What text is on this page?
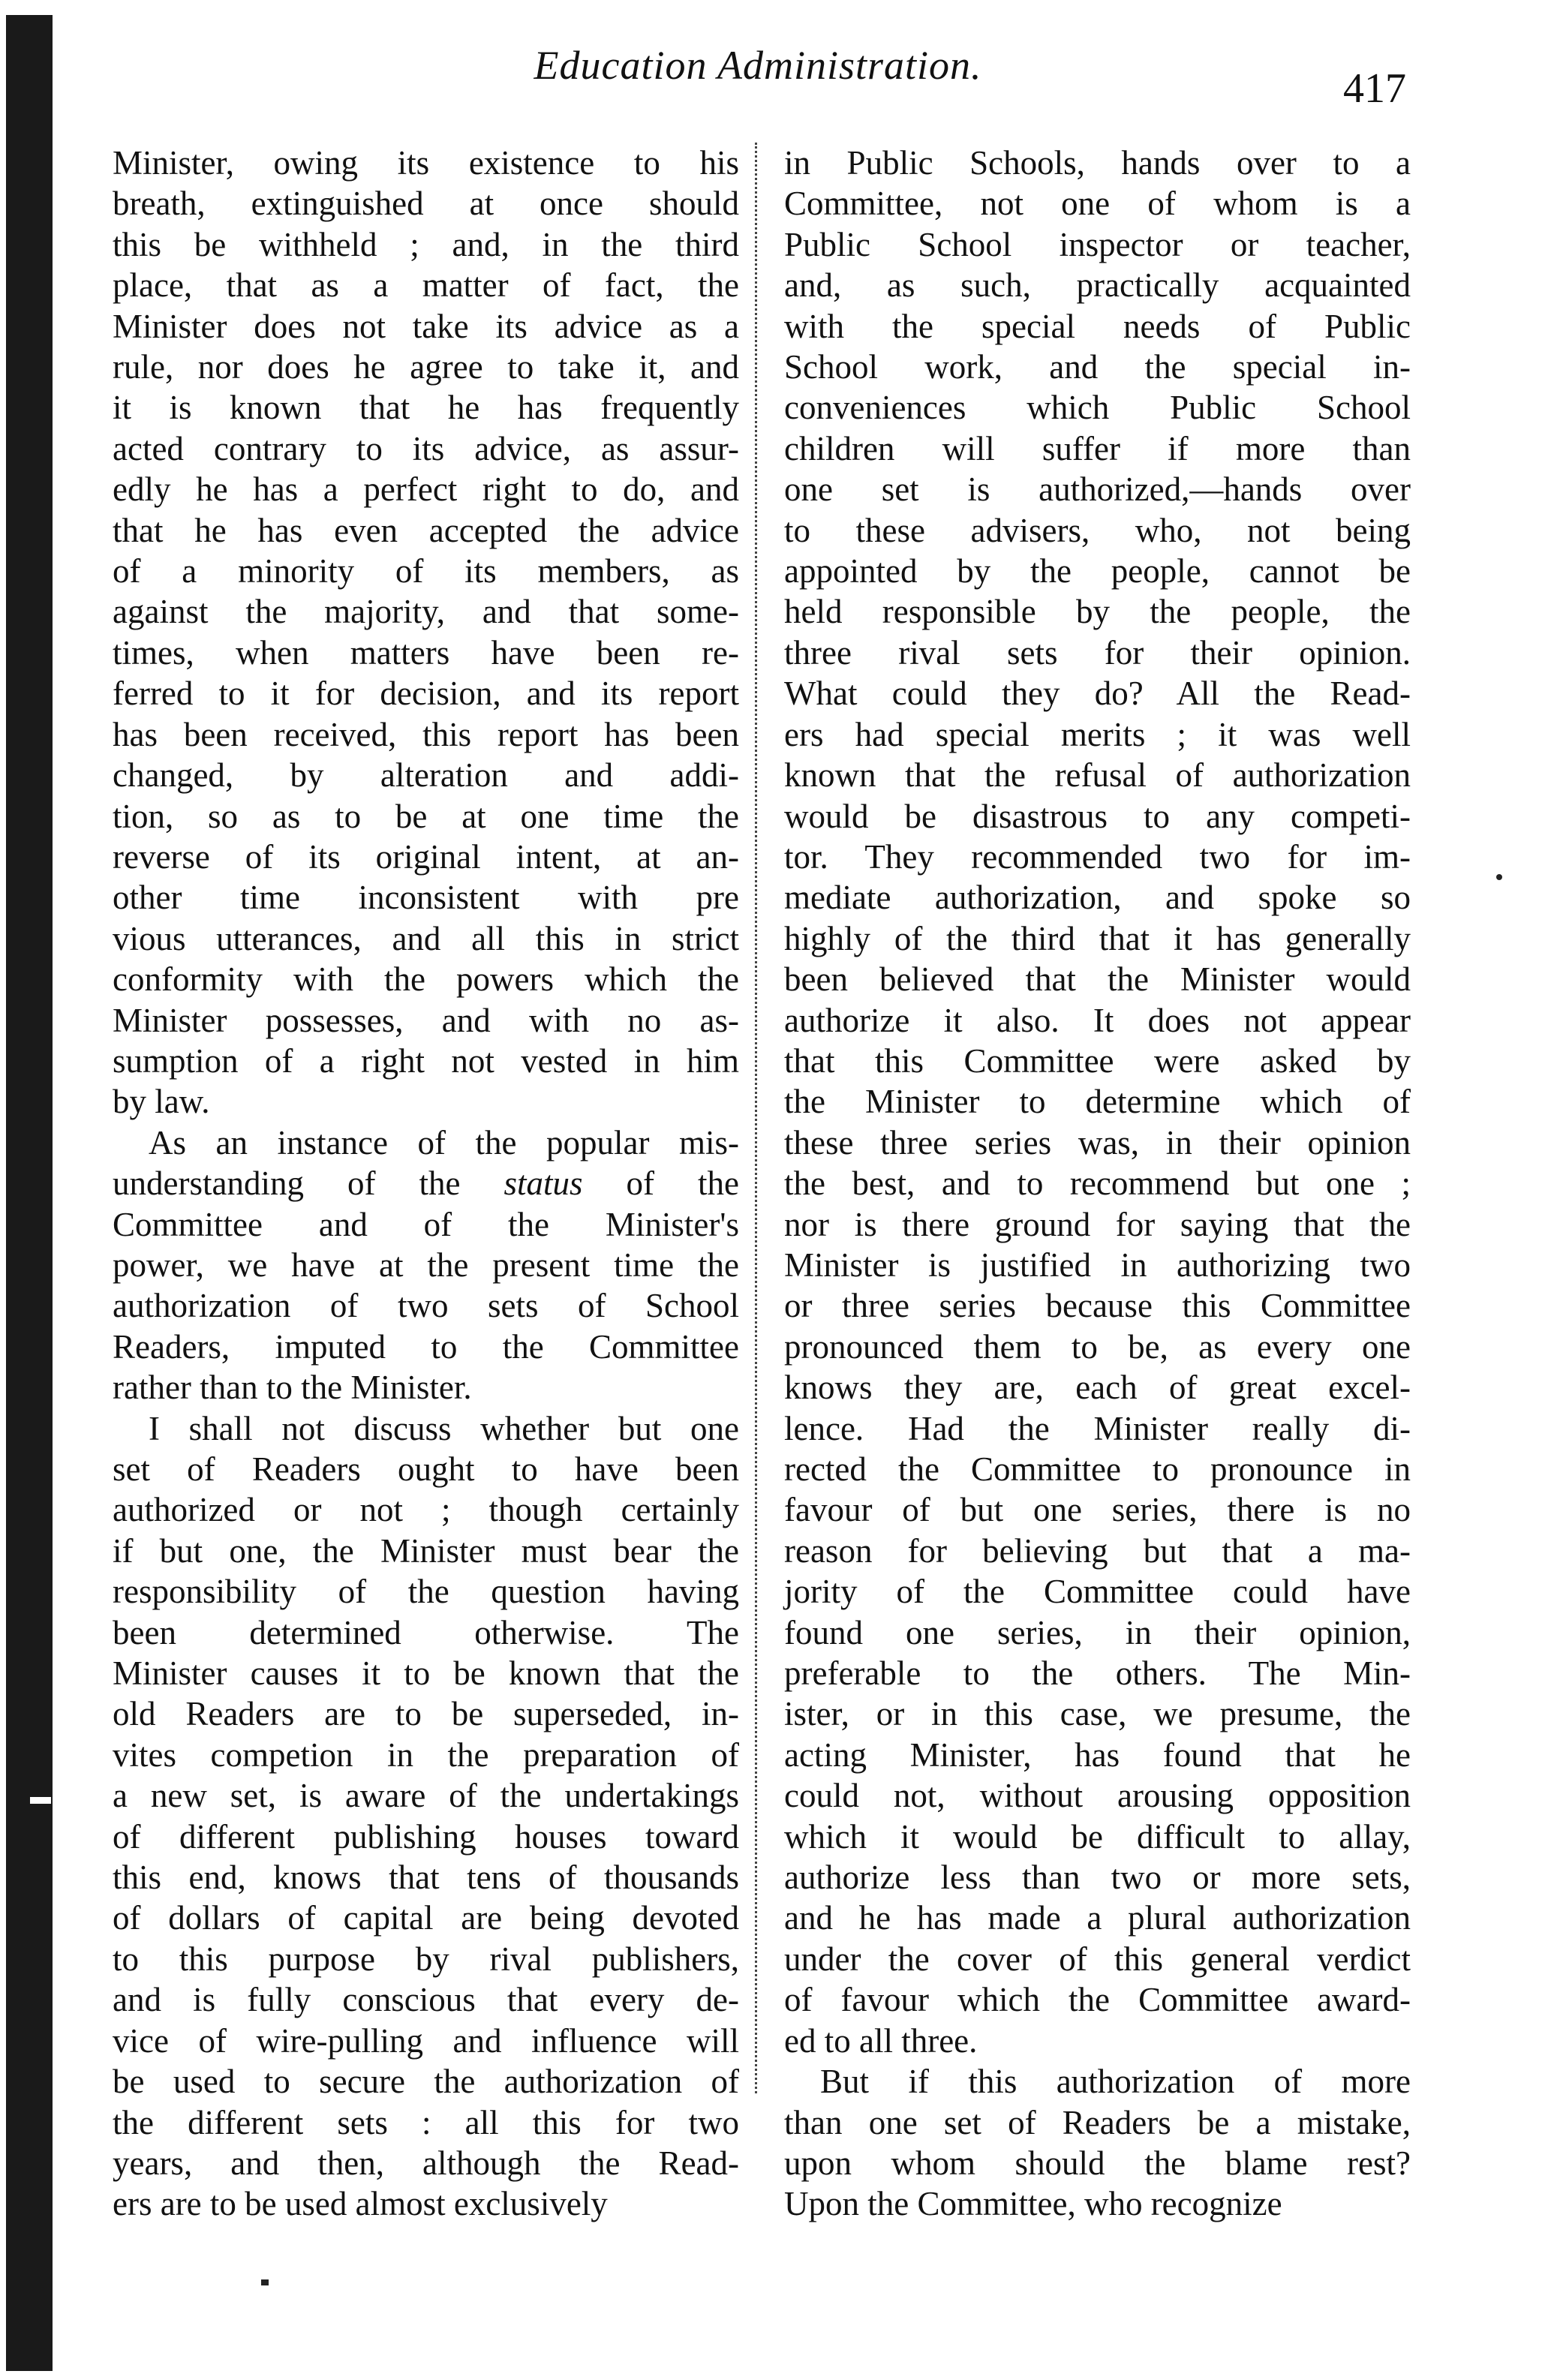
Education Administration.	417
Minister, owing its existence to his
breath, extinguished at once should
this be withheld ; and, in the third
place, that as a matter of fact, the
Minister does not take its advice as a
rule, nor does he agree to take it, and
it is known that he has frequently
acted contrary to its advice, as assur-
edly he has a perfect right to do, and
that he has even accepted the advice
of a minority of its members, as
against the majority, and that some-
times, when matters have been re-
ferred to it for decision, and its report
has been received, this report has been
changed, by alteration and addi-
tion, so as to be at one time the
reverse of its original intent, at an-
other time inconsistent with pre
vious utterances, and all this in strict
conformity with the powers which the
Minister possesses, and with no as-
sumption of a right not vested in him
by law.
As an instance of the popular mis-
understanding of the status of the
Committee and of the Minister's
power, we have at the present time the
authorization of two sets of School
Readers, imputed to the Committee
rather than to the Minister.
I shall not discuss whether but one
set of Readers ought to have been
authorized or not ; though certainly
if but one, the Minister must bear the
responsibility of the question having
been determined otherwise. The
Minister causes it to be known that the
old Readers are to be superseded, in-
vites competion in the preparation of
a new set, is aware of the undertakings
of different publishing houses toward
this end, knows that tens of thousands
of dollars of capital are being devoted
to this purpose by rival publishers,
and is fully conscious that every de-
vice of wire-pulling and influence will
be used to secure the authorization of
the different sets : all this for two
years, and then, although the Read-
ers are to be used almost exclusively
in Public Schools, hands over to a
Committee, not one of whom is a
Public School inspector or teacher,
and, as such, practically acquainted
with the special needs of Public
School work, and the special in-
conveniences which Public School
children will suffer if more than
one set is authorized,—hands over
to these advisers, who, not being
appointed by the people, cannot be
held responsible by the people, the
three rival sets for their opinion.
What could they do? All the Read-
ers had special merits ; it was well
known that the refusal of authorization
would be disastrous to any competi-
tor. They recommended two for im-
mediate authorization, and spoke so
highly of the third that it has generally
been believed that the Minister would
authorize it also. It does not appear
that this Committee were asked by
the Minister to determine which of
these three series was, in their opinion
the best, and to recommend but one ;
nor is there ground for saying that the
Minister is justified in authorizing two
or three series because this Committee
pronounced them to be, as every one
knows they are, each of great excel-
lence. Had the Minister really di-
rected the Committee to pronounce in
favour of but one series, there is no
reason for believing but that a ma-
jority of the Committee could have
found one series, in their opinion,
preferable to the others. The Min-
ister, or in this case, we presume, the
acting Minister, has found that he
could not, without arousing opposition
which it would be difficult to allay,
authorize less than two or more sets,
and he has made a plural authorization
under the cover of this general verdict
of favour which the Committee award-
ed to all three.
But if this authorization of more
than one set of Readers be a mistake,
upon whom should the blame rest?
Upon the Committee, who recognize
